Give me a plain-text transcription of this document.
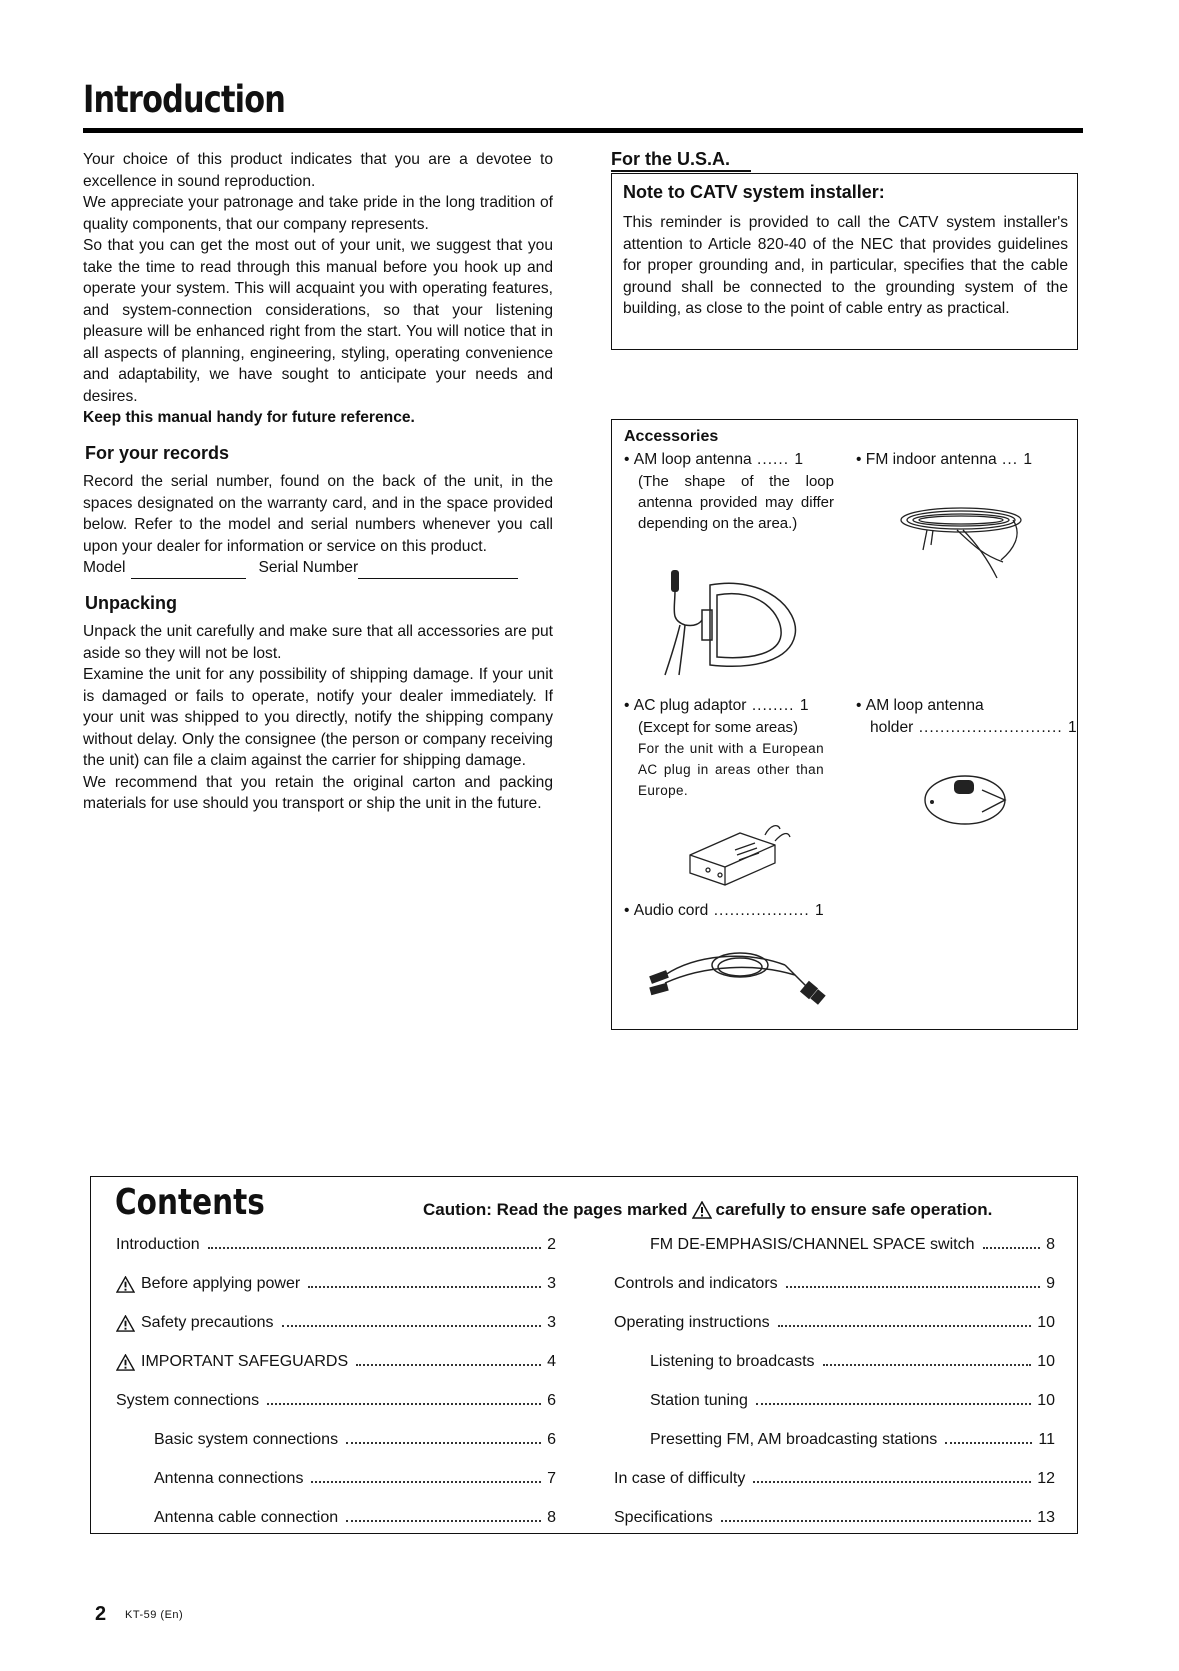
Introduction

Your choice of this product indicates that you are a devotee to excellence in sound reproduction.

We appreciate your patronage and take pride in the long tradition of quality components, that our company represents.

So that you can get the most out of your unit, we suggest that you take the time to read through this manual before you hook up and operate your system. This will acquaint you with operating features, and system-connection considerations, so that your listening pleasure will be enhanced right from the start. You will notice that in all aspects of planning, engineering, styling, operating convenience and adaptability, we have sought to anticipate your needs and desires.

Keep this manual handy for future reference.

For your records

Record the serial number, found on the back of the unit, in the spaces designated on the warranty card, and in the space provided below. Refer to the model and serial numbers whenever you call upon your dealer for information or service on this product.

Model	Serial Number

Unpacking

Unpack the unit carefully and make sure that all accessories are put aside so they will not be lost.

Examine the unit for any possibility of shipping damage. If your unit is damaged or fails to operate, notify your dealer immediately. If your unit was shipped to you directly, notify the shipping company without delay. Only the consignee (the person or company receiving the unit) can file a claim against the carrier for shipping damage.

We recommend that you retain the original carton and packing materials for use should you transport or ship the unit in the future.

For the U.S.A.
Note to CATV system installer:
This reminder is provided to call the CATV system installer's attention to Article 820-40 of the NEC that provides guidelines for proper grounding and, in particular, specifies that the cable ground shall be connected to the grounding system of the building, as close to the point of cable entry as practical.
Accessories
• AM loop antenna ...... 1
(The shape of the loop antenna provided may differ depending on the area.)
• FM indoor antenna ... 1
• AC plug adaptor ........ 1
(Except for some areas)
For the unit with a European AC plug in areas other than Europe.
• AM loop antenna
holder ........................... 1
• Audio cord .................. 1
Contents	Caution: Read the pages marked carefully to ensure safe operation.
Introduction	2
Before applying power	3
Safety precautions	3
IMPORTANT SAFEGUARDS	4
System connections	6
Basic system connections	6
Antenna connections	7
Antenna cable connection	8
FM DE-EMPHASIS/CHANNEL SPACE switch	8
Controls and indicators	9
Operating instructions	10
Listening to broadcasts	10
Station tuning	10
Presetting FM, AM broadcasting stations	11
In case of difficulty	12
Specifications	13
2 KT-59 (En)
